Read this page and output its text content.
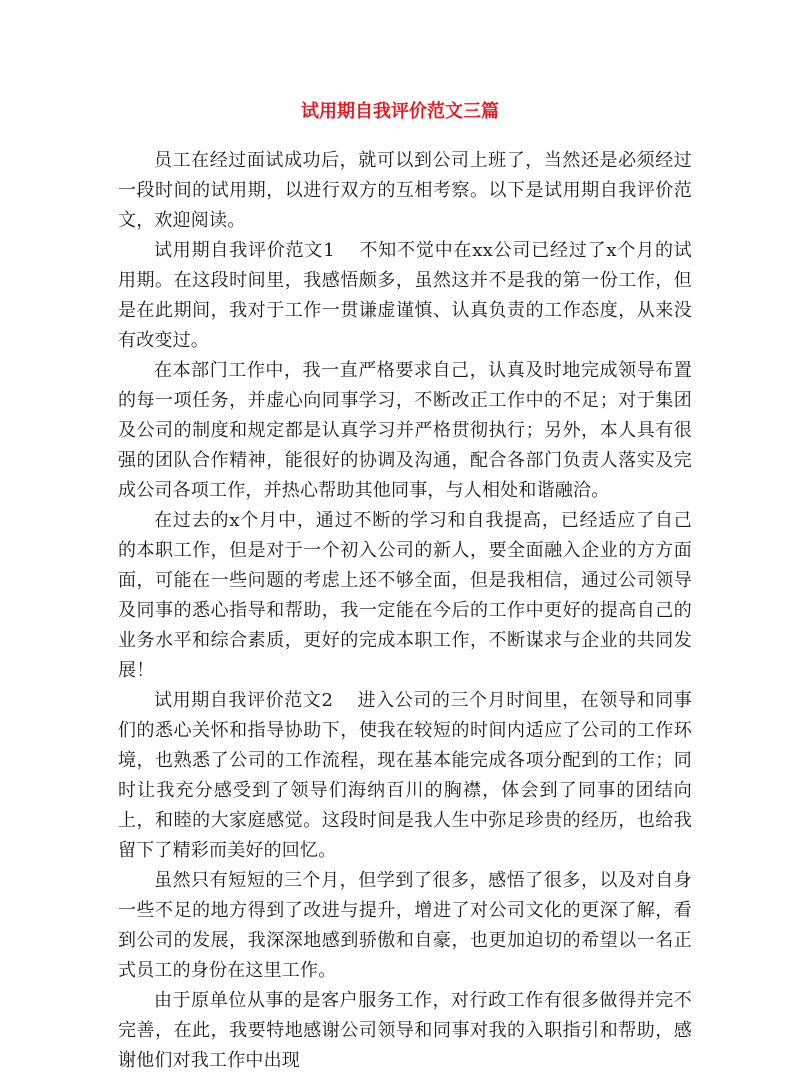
试用期自我评价范文三篇

员工在经过面试成功后，就可以到公司上班了，当然还是必须经过一段时间的试用期，以进行双方的互相考察。以下是试用期自我评价范文，欢迎阅读。

试用期自我评价范文1 不知不觉中在xx公司已经过了x个月的试用期。在这段时间里，我感悟颇多，虽然这并不是我的第一份工作，但是在此期间，我对于工作一贯谦虚谨慎、认真负责的工作态度，从来没有改变过。

在本部门工作中，我一直严格要求自己，认真及时地完成领导布置的每一项任务，并虚心向同事学习，不断改正工作中的不足；对于集团及公司的制度和规定都是认真学习并严格贯彻执行；另外，本人具有很强的团队合作精神，能很好的协调及沟通，配合各部门负责人落实及完成公司各项工作，并热心帮助其他同事，与人相处和谐融洽。

在过去的x个月中，通过不断的学习和自我提高，已经适应了自己的本职工作，但是对于一个初入公司的新人，要全面融入企业的方方面面，可能在一些问题的考虑上还不够全面，但是我相信，通过公司领导及同事的悉心指导和帮助，我一定能在今后的工作中更好的提高自己的业务水平和综合素质，更好的完成本职工作，不断谋求与企业的共同发展！

试用期自我评价范文2 进入公司的三个月时间里，在领导和同事们的悉心关怀和指导协助下，使我在较短的时间内适应了公司的工作环境，也熟悉了公司的工作流程，现在基本能完成各项分配到的工作；同时让我充分感受到了领导们海纳百川的胸襟，体会到了同事的团结向上，和睦的大家庭感觉。这段时间是我人生中弥足珍贵的经历，也给我留下了精彩而美好的回忆。

虽然只有短短的三个月，但学到了很多，感悟了很多，以及对自身一些不足的地方得到了改进与提升，增进了对公司文化的更深了解，看到公司的发展，我深深地感到骄傲和自豪，也更加迫切的希望以一名正式员工的身份在这里工作。

由于原单位从事的是客户服务工作，对行政工作有很多做得并完不完善，在此，我要特地感谢公司领导和同事对我的入职指引和帮助，感谢他们对我工作中出现
